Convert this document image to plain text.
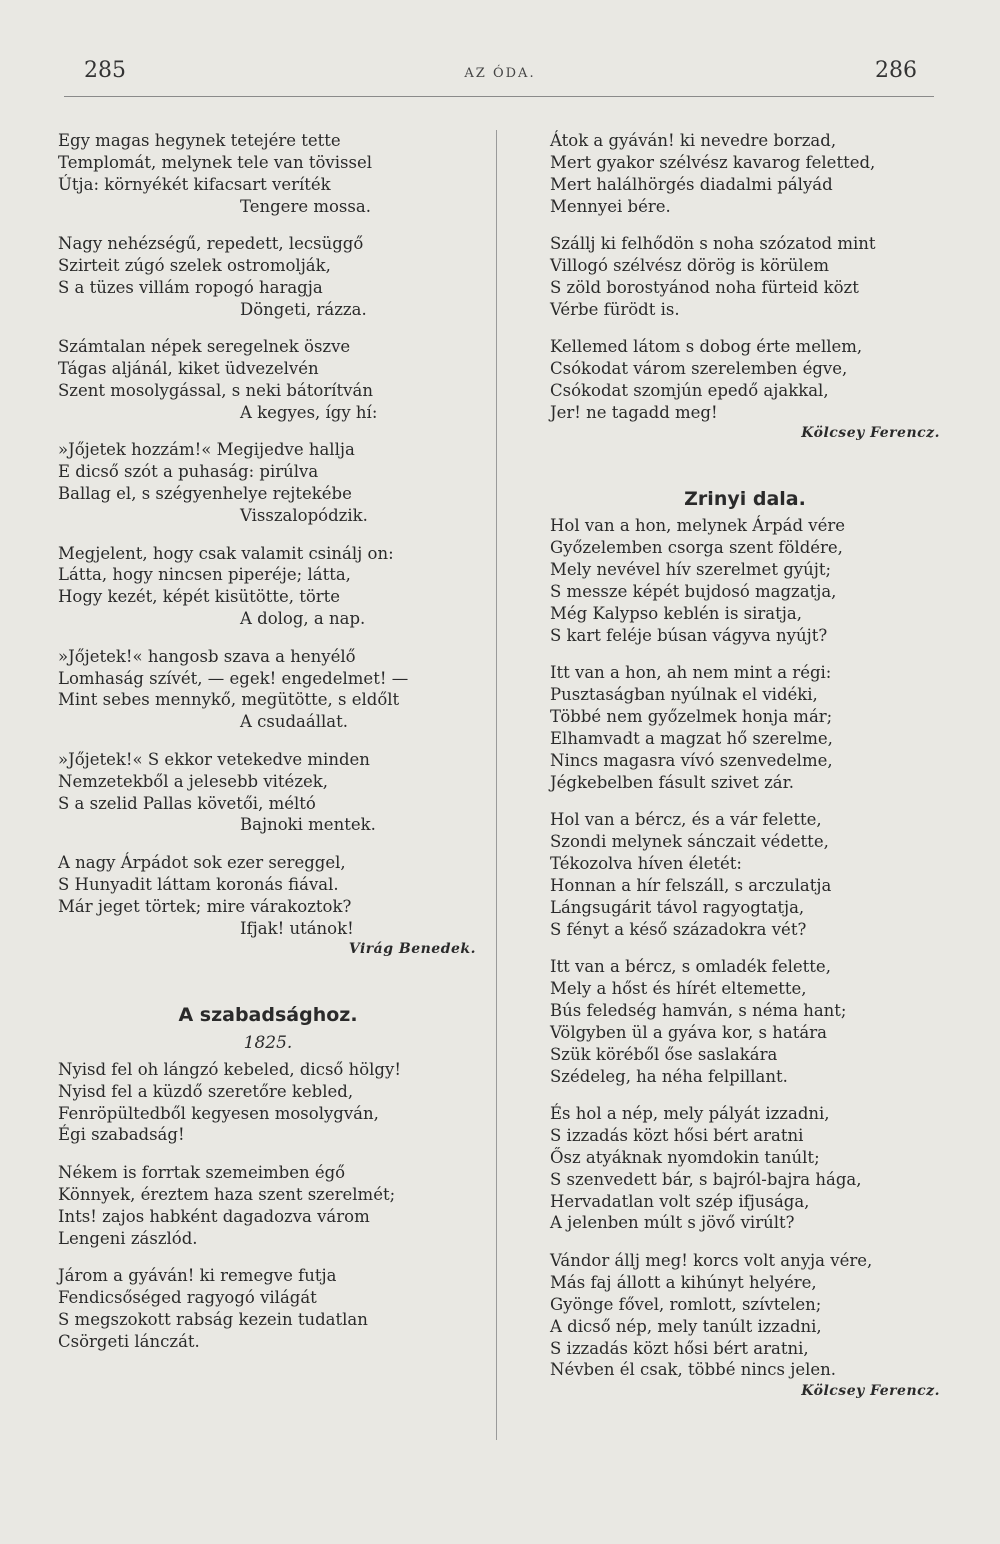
285	AZ ÓDA.	286
Egy magas hegynek tetejére tette
Templomát, melynek tele van tövissel
Útja: környékét kifacsart veríték
Tengere mossa.
Nagy nehézségű, repedett, lecsüggő
Szirteit zúgó szelek ostromolják,
S a tüzes villám ropogó haragja
Döngeti, rázza.
Számtalan népek seregelnek öszve
Tágas aljánál, kiket üdvezelvén
Szent mosolygással, s neki bátorítván
A kegyes, így hí:
»Jőjetek hozzám!« Megijedve hallja
E dicső szót a puhaság: pirúlva
Ballag el, s szégyenhelye rejtekébe
Visszalopódzik.
Megjelent, hogy csak valamit csinálj on:
Látta, hogy nincsen piperéje; látta,
Hogy kezét, képét kisütötte, törte
A dolog, a nap.
»Jőjetek!« hangosb szava a henyélő
Lomhaság szívét, — egek! engedelmet! —
Mint sebes mennykő, megütötte, s eldőlt
A csudaállat.
»Jőjetek!« S ekkor vetekedve minden
Nemzetekből a jelesebb vitézek,
S a szelid Pallas követői, méltó
Bajnoki mentek.
A nagy Árpádot sok ezer sereggel,
S Hunyadit láttam koronás fiával.
Már jeget törtek; mire várakoztok?
Ifjak! utánok!
Virág Benedek.
A szabadsághoz.
1825.
Nyisd fel oh lángzó kebeled, dicső hölgy!
Nyisd fel a küzdő szeretőre kebled,
Fenröpültedből kegyesen mosolygván,
Égi szabadság!
Nékem is forrtak szemeimben égő
Könnyek, éreztem haza szent szerelmét;
Ints! zajos habként dagadozva várom
Lengeni zászlód.
Járom a gyáván! ki remegve futja
Fendicsőséged ragyogó világát
S megszokott rabság kezein tudatlan
Csörgeti lánczát.
Átok a gyáván! ki nevedre borzad,
Mert gyakor szélvész kavarog feletted,
Mert halálhörgés diadalmi pályád
Mennyei bére.
Szállj ki felhődön s noha szózatod mint
Villogó szélvész dörög is körülem
S zöld borostyánod noha fürteid közt
Vérbe fürödt is.
Kellemed látom s dobog érte mellem,
Csókodat várom szerelemben égve,
Csókodat szomjún epedő ajakkal,
Jer! ne tagadd meg!
Kölcsey Ferencz.
Zrinyi dala.
Hol van a hon, melynek Árpád vére
Győzelemben csorga szent földére,
Mely nevével hív szerelmet gyújt;
S messze képét bujdosó magzatja,
Még Kalypso keblén is siratja,
S kart feléje búsan vágyva nyújt?
Itt van a hon, ah nem mint a régi:
Pusztaságban nyúlnak el vidéki,
Többé nem győzelmek honja már;
Elhamvadt a magzat hő szerelme,
Nincs magasra vívó szenvedelme,
Jégkebelben fásult szivet zár.
Hol van a bércz, és a vár felette,
Szondi melynek sánczait védette,
Tékozolva híven életét:
Honnan a hír felszáll, s arczulatja
Lángsugárit távol ragyogtatja,
S fényt a késő századokra vét?
Itt van a bércz, s omladék felette,
Mely a hőst és hírét eltemette,
Bús feledség hamván, s néma hant;
Völgyben ül a gyáva kor, s határa
Szük köréből őse saslakára
Szédeleg, ha néha felpillant.
És hol a nép, mely pályát izzadni,
S izzadás közt hősi bért aratni
Ősz atyáknak nyomdokin tanúlt;
S szenvedett bár, s bajról-bajra hága,
Hervadatlan volt szép ifjusága,
A jelenben múlt s jövő virúlt?
Vándor állj meg! korcs volt anyja vére,
Más faj állott a kihúnyt helyére,
Gyönge fővel, romlott, szívtelen;
A dicső nép, mely tanúlt izzadni,
S izzadás közt hősi bért aratni,
Névben él csak, többé nincs jelen.
Kölcsey Ferencz.
